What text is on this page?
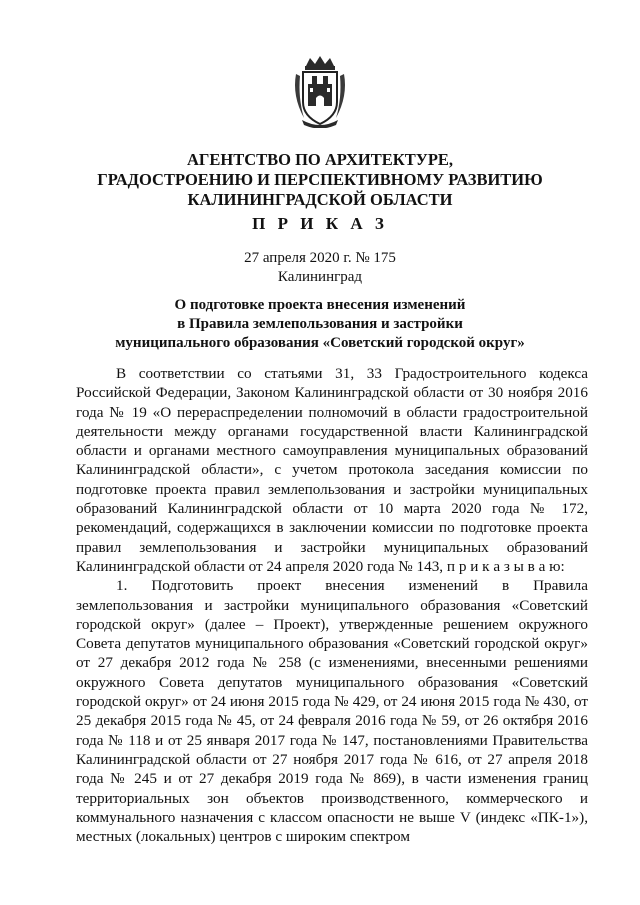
АГЕНТСТВО ПО АРХИТЕКТУРЕ,
ГРАДОСТРОЕНИЮ И ПЕРСПЕКТИВНОМУ РАЗВИТИЮ
КАЛИНИНГРАДСКОЙ ОБЛАСТИ
П Р И К А З
27 апреля 2020 г. № 175
Калининград
О подготовке проекта внесения изменений
в Правила землепользования и застройки
муниципального образования «Советский городской округ»

В соответствии со статьями 31, 33 Градостроительного кодекса Российской Федерации, Законом Калининградской области от 30 ноября 2016 года № 19 «О перераспределении полномочий в области градостроительной деятельности между органами государственной власти Калининградской области и органами местного самоуправления муниципальных образований Калининградской области», с учетом протокола заседания комиссии по подготовке проекта правил землепользования и застройки муниципальных образований Калининградской области от 10 марта 2020 года № 172, рекомендаций, содержащихся в заключении комиссии по подготовке проекта правил землепользования и застройки муниципальных образований Калининградской области от 24 апреля 2020 года № 143, п р и к а з ы в а ю:

1. Подготовить проект внесения изменений в Правила землепользования и застройки муниципального образования «Советский городской округ» (далее – Проект), утвержденные решением окружного Совета депутатов муниципального образования «Советский городской округ» от 27 декабря 2012 года № 258 (с изменениями, внесенными решениями окружного Совета депутатов муниципального образования «Советский городской округ» от 24 июня 2015 года № 429, от 24 июня 2015 года № 430, от 25 декабря 2015 года № 45, от 24 февраля 2016 года № 59, от 26 октября 2016 года № 118 и от 25 января 2017 года № 147, постановлениями Правительства Калининградской области от 27 ноября 2017 года № 616, от 27 апреля 2018 года № 245 и от 27 декабря 2019 года № 869), в части изменения границ территориальных зон объектов производственного, коммерческого и коммунального назначения с классом опасности не выше V (индекс «ПК-1»), местных (локальных) центров с широким спектром
